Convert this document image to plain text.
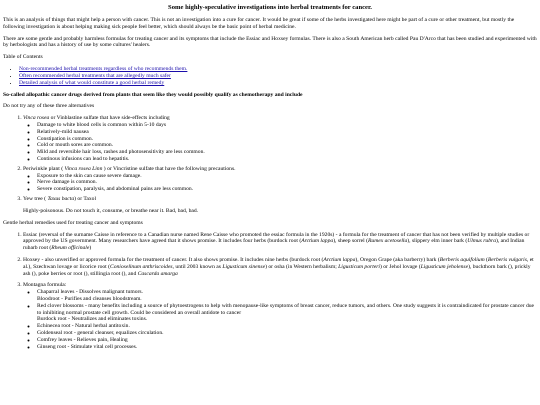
Some highly-speculative investigations into herbal treatments for cancer.

This is an analysis of things that might help a person with cancer. This is not an investigation into a cure for cancer. It would be great if some of the herbs investigated here might be part of a cure or other treatment, but mostly the following investigation is about helping making sick people feel better, which should always be the basic point of herbal medicine.

There are some gentle and probably harmless formulas for treating cancer and its symptoms that include the Essiac and Hoxsey formulas. There is also a South American herb called Pau D'Arco that has been studied and experimented with by herbologists and has a history of use by some cultures' healers.

Table of Contents

• Non-recommended herbal treatments regardless of who recommends them.
• Often recommended herbal treatments that are allegedly much safer
• Detailed analysis of what would constitute a good herbal remedy
So-called allopathic cancer drugs derived from plants that seem like they would possibly qualify as chemotherapy and include

Do not try any of these three alternatives

1. Vinca rosea or Vinblastine sulfate that have side-effects including
◦ Damage to white blood cells is common within 5-10 days
◦ Relatively-mild nausea
◦ Constipation is common.
◦ Cold or mouth sores are common.
◦ Mild and reversible hair loss, rashes and photosensitivity are less common.
◦ Continous infusions can lead to hepatitis.
2. Periwinkle plant ( Vinca rosea Linn ) or Vincristine sulfate that have the following precautions.
◦ Exposure to the skin can cause severe damage.
◦ Nerve damage is common.
◦ Severe constipation, paralysis, and abdominal pains are less common.
3. Yew tree ( Taxus bacta) or Taxol

Highly-poisonous. Do not touch it, consume, or breathe near it. Bad, bad, bad.

Gentle herbal remedies used for treating cancer and symptoms

1. Essiac (reversal of the surname Caisse in reference to a Canadian nurse named Rene Caisse who promoted the essiac formula in the 1920s) - a formula for the treatment of cancer that has not been verified by multiple studies or approved by the US government. Many researchers have agreed that it shows promise. It includes four herbs (burdock root (Arctium lappa), sheep sorrel (Rumex acetosella), slippery elm inner bark (Ulmus rubra), and Indian rubarb root (Rheum officinale)
2. Hoxsey - also unverified or approved formula for the treatment of cancer. It also shows promise. It includes nine herbs (burdock root (Arctium lappa), Oregon Grape (aka barberry) bark (Berberis aquifolium (Berberis vulgaris, et al.), Szechwan lovage or licorice root (Conioselinum anthriscoides, until 2003 known as Ligusticum sinense) or osha (in Western herbalism; Ligusticum porteri) or Jehol lovage (Ligusticum jeholense), buckthorn bark (), prickly ash (), poke berries or root (), stillingia root (), and Cascarda amarga
3. Montagna formula:
◦ Chaparral leaves - Dissolves malignant tumors.
Bloodroot - Purifies and cleanses bloodstream.
◦ Red clover blossoms - many benefits including a source of phytoestrogens to help with menopause-like symptoms of breast cancer, reduce tumors, and others. One study suggests it is contraindicated for prostate cancer due to inhibiting normal prostate cell growth. Could be considered an overall antidote to cancer
Burdock root - Neutralizes and eliminates toxins.
◦ Echinecea root - Natural herbal antitoxin.
◦ Goldenseal root - general cleanser, equalizes circulation.
◦ Comfrey leaves - Relieves pain, Healing
◦ Ginseng root - Stimulate vital cell processes.
